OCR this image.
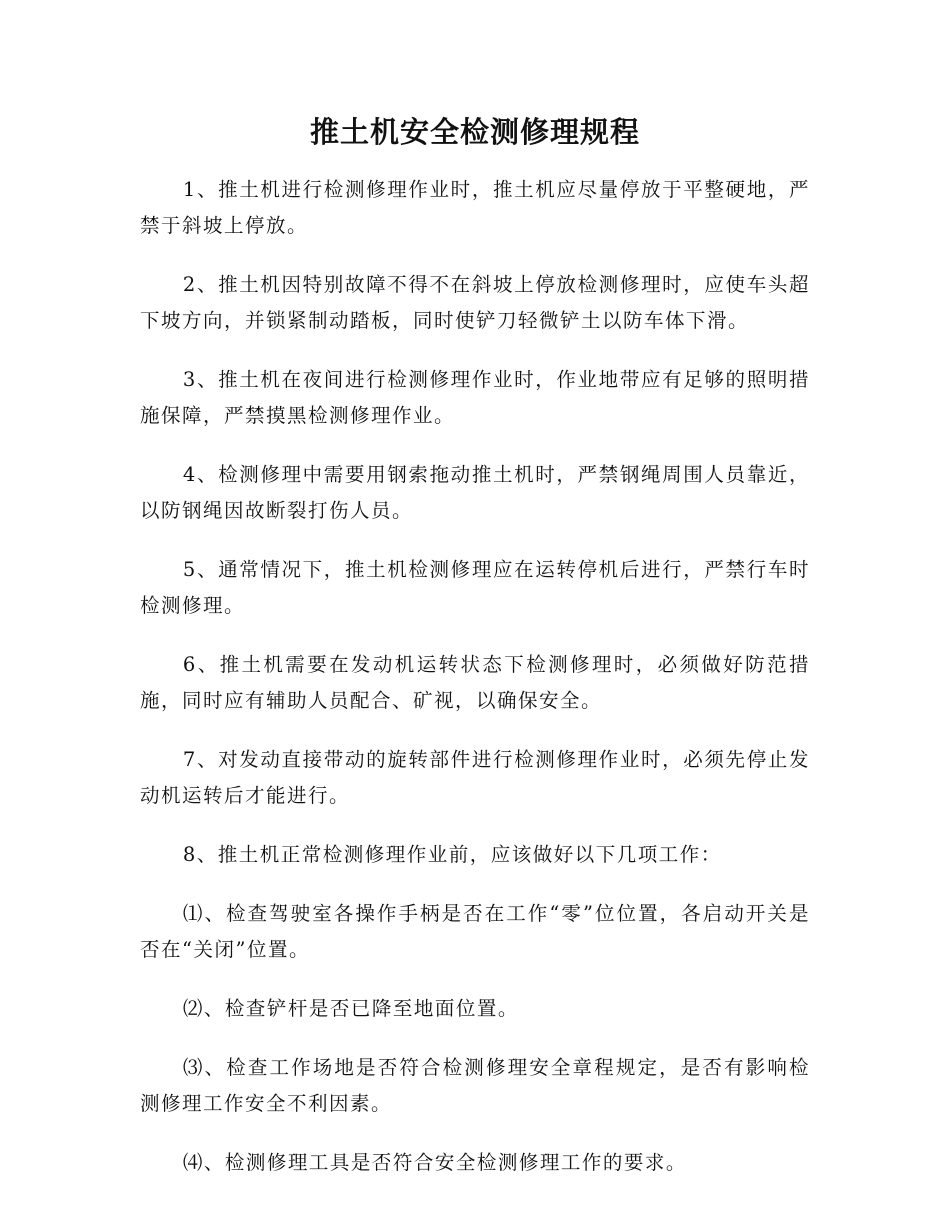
推土机安全检测修理规程

1、推土机进行检测修理作业时，推土机应尽量停放于平整硬地，严禁于斜坡上停放。

2、推土机因特别故障不得不在斜坡上停放检测修理时，应使车头超下坡方向，并锁紧制动踏板，同时使铲刀轻微铲土以防车体下滑。

3、推土机在夜间进行检测修理作业时，作业地带应有足够的照明措施保障，严禁摸黑检测修理作业。

4、检测修理中需要用钢索拖动推土机时，严禁钢绳周围人员靠近，以防钢绳因故断裂打伤人员。

5、通常情况下，推土机检测修理应在运转停机后进行，严禁行车时检测修理。

6、推土机需要在发动机运转状态下检测修理时，必须做好防范措施，同时应有辅助人员配合、矿视，以确保安全。

7、对发动直接带动的旋转部件进行检测修理作业时，必须先停止发动机运转后才能进行。

8、推土机正常检测修理作业前，应该做好以下几项工作：

⑴、检查驾驶室各操作手柄是否在工作“零”位位置，各启动开关是否在“关闭”位置。

⑵、检查铲杆是否已降至地面位置。

⑶、检查工作场地是否符合检测修理安全章程规定，是否有影响检测修理工作安全不利因素。

⑷、检测修理工具是否符合安全检测修理工作的要求。
